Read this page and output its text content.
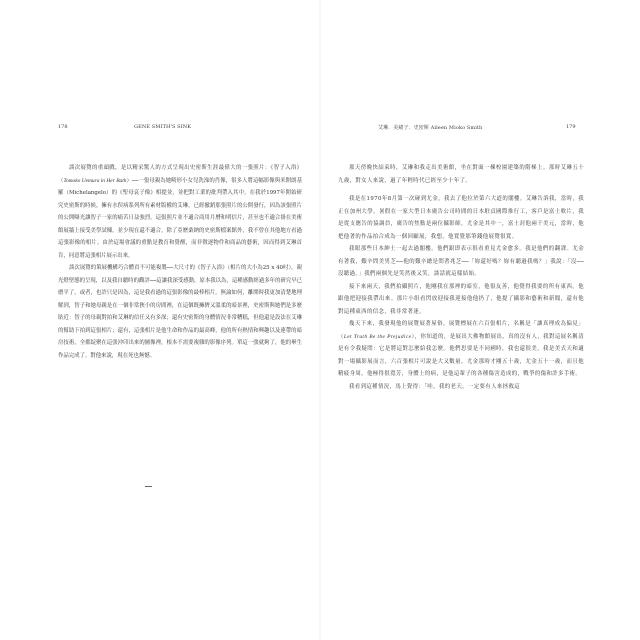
178	GENE SMITH'S SINK

談次展覽的重頭戲，是以精采驚人的方式呈現出史密斯生涯最偉大的一張照片：《智子入浴》（Tomoko Uemura in Her Bath）──一張母親為她畸形小女兒洗澡的肖像，很多人將這幅影像與米開朗基羅（Michelangelo）的《聖母哀子像》相提並，並把對工業的批判帶入其中。在我於1997年開始研究史密斯的時候，擁有水俣病系列所有素材版權的艾琳，已經撤銷那張照片的公開發行，因為該張照片的公開曝光讓智子一家的痛苦日益強烈。這張照片並不適合商用月曆和明信片，甚至也不適合掛在美術館展牆上接受美學試煉。並少現在還不適合。除了亞歷桑納的史密斯檔案館外，我不曾在其他地方看過這張影像的相片。由於這場會議的重點是教育和覺醒，而非徵逐物件和商品的藝術，因而得到艾琳首肯，同意將這張相片展示出來。

談次展覽的策展機構巧合體貢不可能複製──大尺寸的《智子入浴》（相片的大小為25 x 40吋），親光燈堅態的呈現，以及我自聽時的觀評──這讓我深受感動，原本我以為，這種感動經過多年的研究早已磨平了。或者，也許只是因為，這是我看過的這張影像的最棒相片。無論如何，離開時我更加清楚地理解到，智子和她母親是在一個非常狹小的房間裡，在這個既擁擠又溫柔的暗景裡，史密斯與她們是多麼貼近：智子的母親對拍和艾琳的信任又有多深；還有史密斯的身體情況非常糟糕，但他還是設法在艾琳的幫助下拍到這張相片；還有，這張相片是他生命和作品的最高峰，他的所有熱情和興趣以及連帶的暗房技術，全都綻聚在這張沖印出來的圖像裡，根本不需要複雜的影像序列。單這一張就夠了，他的畢生作品完成了。對他來說，現在死也無憾。

艾琳．美緒子．史密斯 Aileen Mioko Smith	179

那天傍晚快結束時，艾琳和我走出美術館，坐在對面一棟校園建築的階梯上。那時艾琳五十九歲，對女人來說，過了年輕時代已經至少十年了。

我是在1970年8月第一次碰到尤金，我去了他位於第六大道的閣樓。艾琳告訴我，當時，我正在加州大學，暑假在一家大型日本廣告公司時間的日本駐貞國際推行工，客戶是富士軟片，我是從支應告的協調員，廣告的焦點是兩位攝影師，尤金是其中一，富士封他兩千美元，當時，他把他著的作品拍合成為一個回顧展，我想，他寬覺那筆錢他展覽很寬。

我眼那些日本紳士一起去過閣樓。他們跟即表示很看重見尤金愈多。我是他們的翻譯。尤金有著我，艱辛問美男芝──他的艱辛總是問著兆芝──「妳還好嗎？妳有聽過我嗎？」我說：「沒──沒聽過。」我們兩個先是笑然後又笑，談話就這樣結始。

接下來兩天，我們拍攝照片，他剛我在那裡的暗室，他很友善，他覺得我要的所有東西。他跟他把迎接我帶出來。那片小组看閃放迎接我迎接他他扔了，他提了攝影和藝術和新聞，還有他對這種東西的信念，我非常著迷。

幾天下來，我發現他的展覽展著屋俗，展覽標展在六百張相片，名稱是「讓真理成為偏見」（Let Truth Be the Prejudice），你知道的，是展出大佛物館展出，真的沒有人，我對這展名稱清是有令我疑問：它是將這對怎麼給我怎麼。他們思要是不同國時，我也還很美，我是美式天和適對一場攝影展而言，六百張相片可說是大又數量。尤金那時才剛五十歲，尤金五十一歲，而且他精疲身周，他極得很寬芳，身體上的病，是他這輩子的各種傷害造成的，戰爭的傷和許多手術。

我看到這種情況，馬上覺得：「哇，我的老天，一定要有人來拯救這
